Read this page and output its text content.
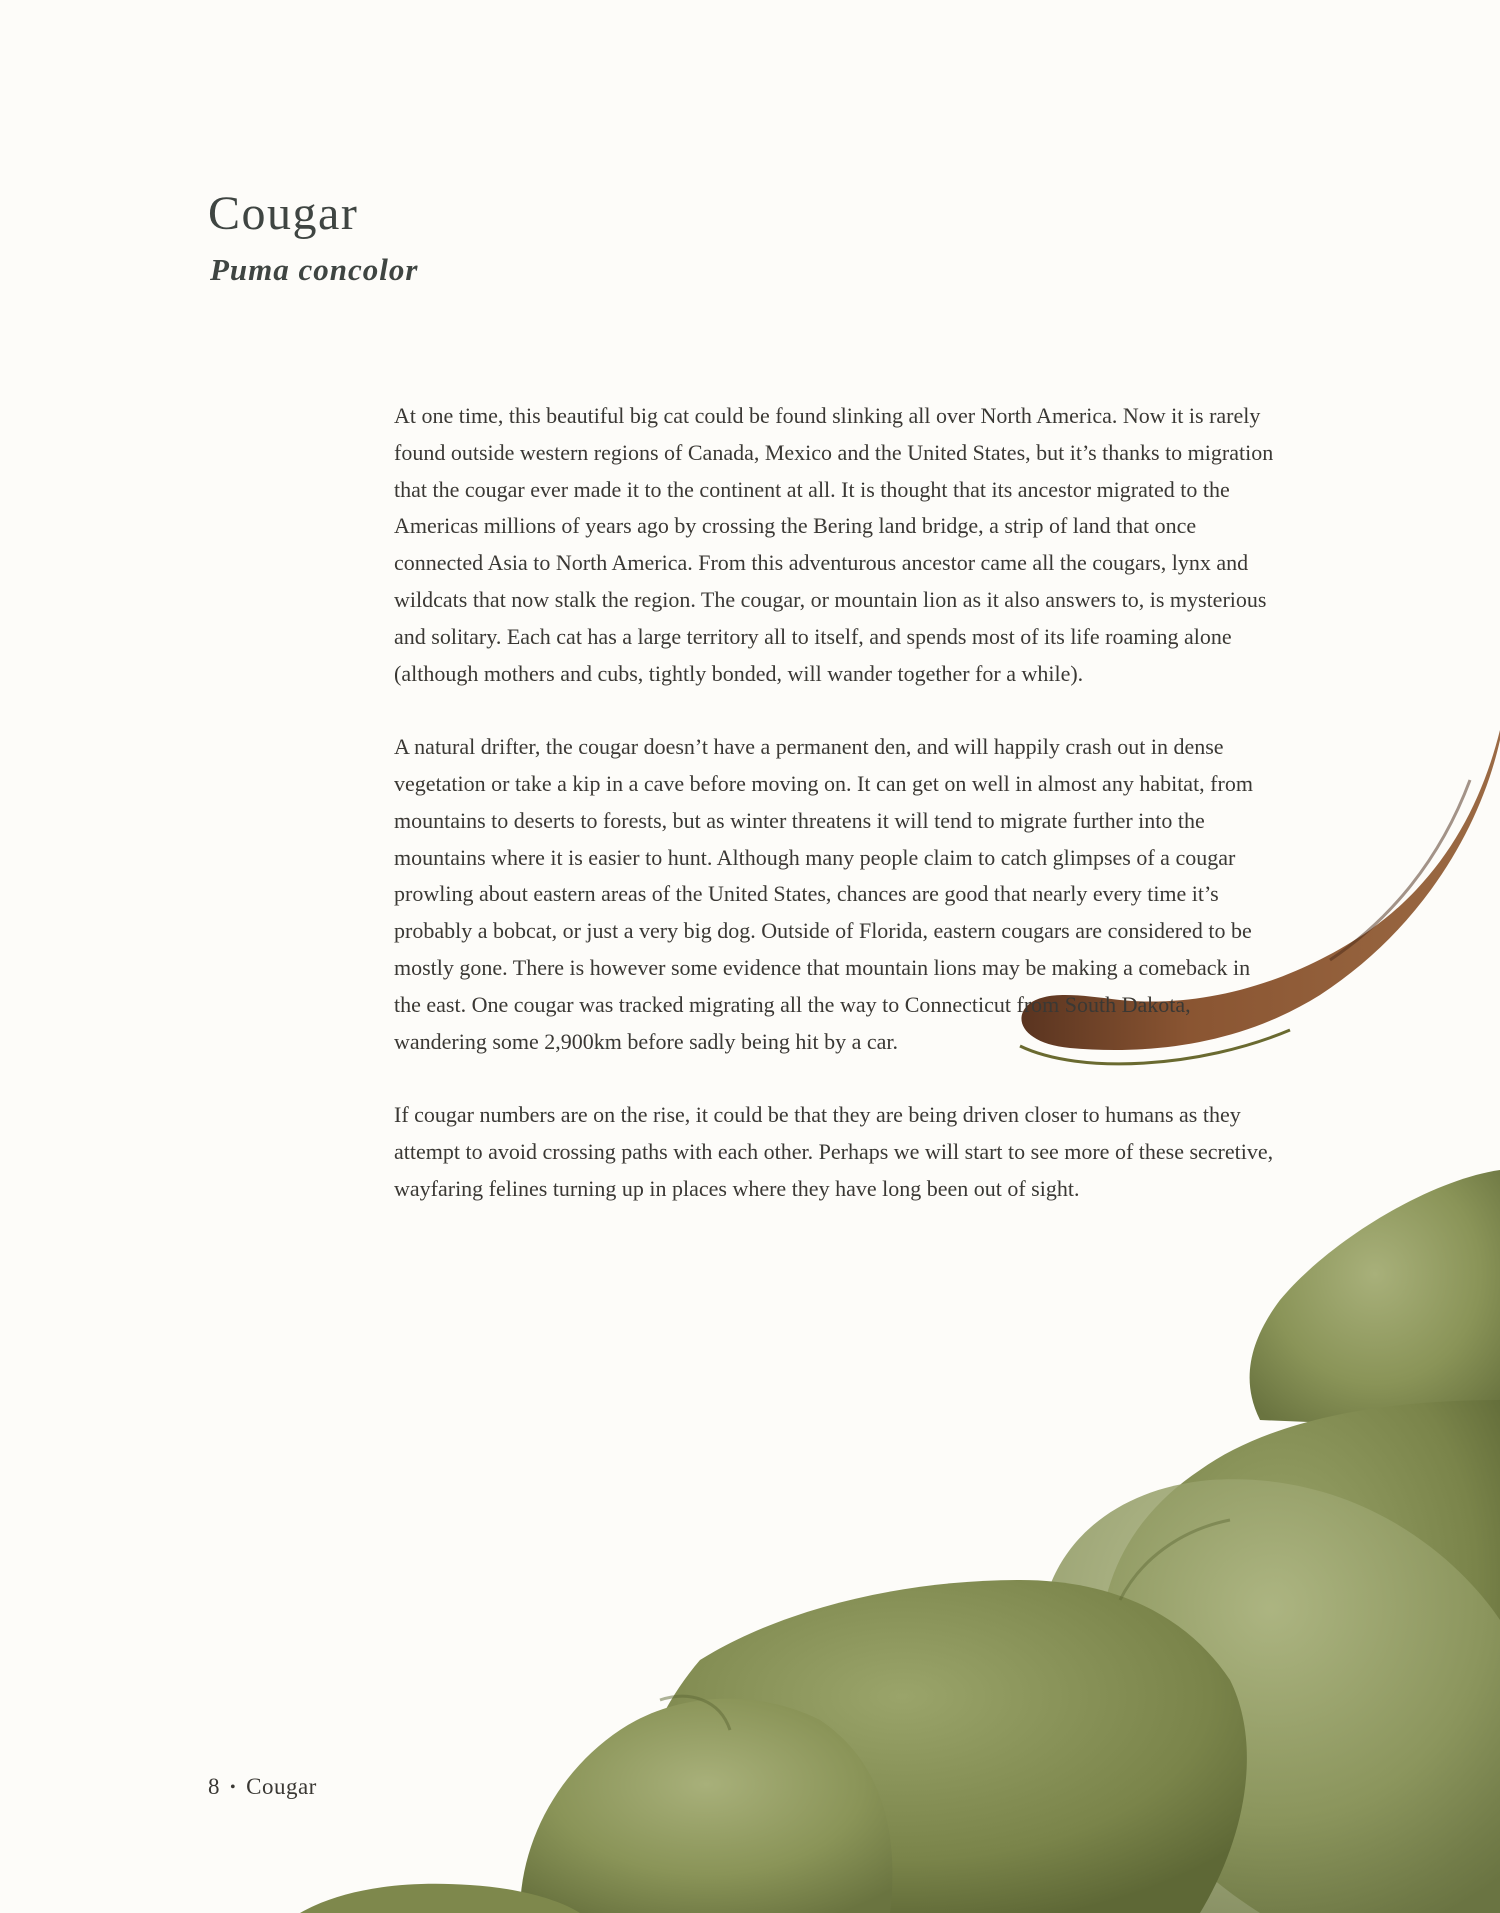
Cougar
Puma concolor

At one time, this beautiful big cat could be found slinking all over North America. Now it is rarely found outside western regions of Canada, Mexico and the United States, but it’s thanks to migration that the cougar ever made it to the continent at all. It is thought that its ancestor migrated to the Americas millions of years ago by crossing the Bering land bridge, a strip of land that once connected Asia to North America. From this adventurous ancestor came all the cougars, lynx and wildcats that now stalk the region. The cougar, or mountain lion as it also answers to, is mysterious and solitary. Each cat has a large territory all to itself, and spends most of its life roaming alone (although mothers and cubs, tightly bonded, will wander together for a while).

A natural drifter, the cougar doesn’t have a permanent den, and will happily crash out in dense vegetation or take a kip in a cave before moving on. It can get on well in almost any habitat, from mountains to deserts to forests, but as winter threatens it will tend to migrate further into the mountains where it is easier to hunt. Although many people claim to catch glimpses of a cougar prowling about eastern areas of the United States, chances are good that nearly every time it’s probably a bobcat, or just a very big dog. Outside of Florida, eastern cougars are considered to be mostly gone. There is however some evidence that mountain lions may be making a comeback in the east. One cougar was tracked migrating all the way to Connecticut from South Dakota, wandering some 2,900km before sadly being hit by a car.

If cougar numbers are on the rise, it could be that they are being driven closer to humans as they attempt to avoid crossing paths with each other. Perhaps we will start to see more of these secretive, wayfaring felines turning up in places where they have long been out of sight.

8 • Cougar
